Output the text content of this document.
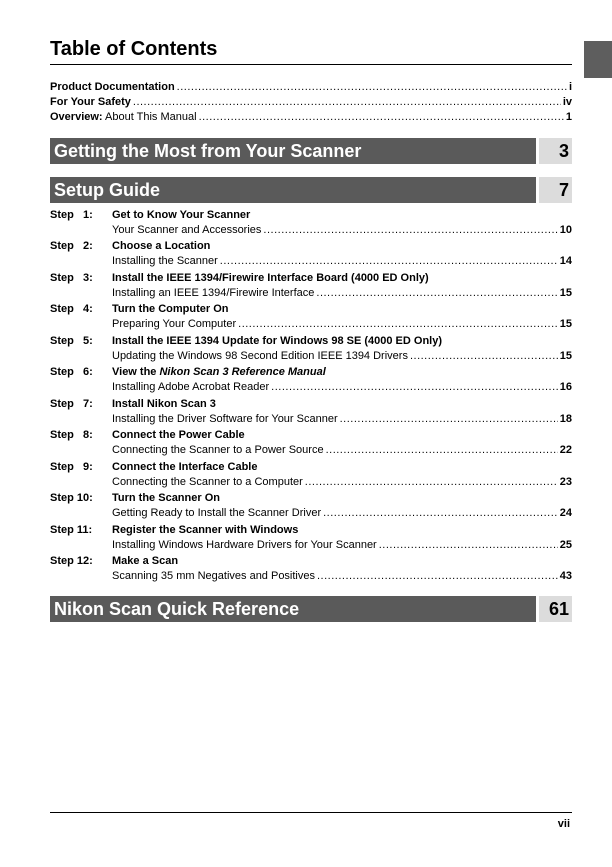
Table of Contents
Product Documentation .....	i
For Your Safety .....	iv
Overview: About This Manual .....	1
Getting the Most from Your Scanner	3
Setup Guide	7
Step   1: Get to Know Your Scanner
Your Scanner and Accessories .....	10
Step   2: Choose a Location
Installing the Scanner .....	14
Step   3: Install the IEEE 1394/Firewire Interface Board (4000 ED Only)
Installing an IEEE 1394/Firewire Interface .....	15
Step   4: Turn the Computer On
Preparing Your Computer .....	15
Step   5: Install the IEEE 1394 Update for Windows 98 SE (4000 ED Only)
Updating the Windows 98 Second Edition IEEE 1394 Drivers .....	15
Step   6: View the Nikon Scan 3 Reference Manual
Installing Adobe Acrobat Reader .....	16
Step   7: Install Nikon Scan 3
Installing the Driver Software for Your Scanner .....	18
Step   8: Connect the Power Cable
Connecting the Scanner to a Power Source .....	22
Step   9: Connect the Interface Cable
Connecting the Scanner to a Computer .....	23
Step 10: Turn the Scanner On
Getting Ready to Install the Scanner Driver .....	24
Step 11: Register the Scanner with Windows
Installing Windows Hardware Drivers for Your Scanner .....	25
Step 12: Make a Scan
Scanning 35 mm Negatives and Positives .....	43
Nikon Scan Quick Reference	61
vii
